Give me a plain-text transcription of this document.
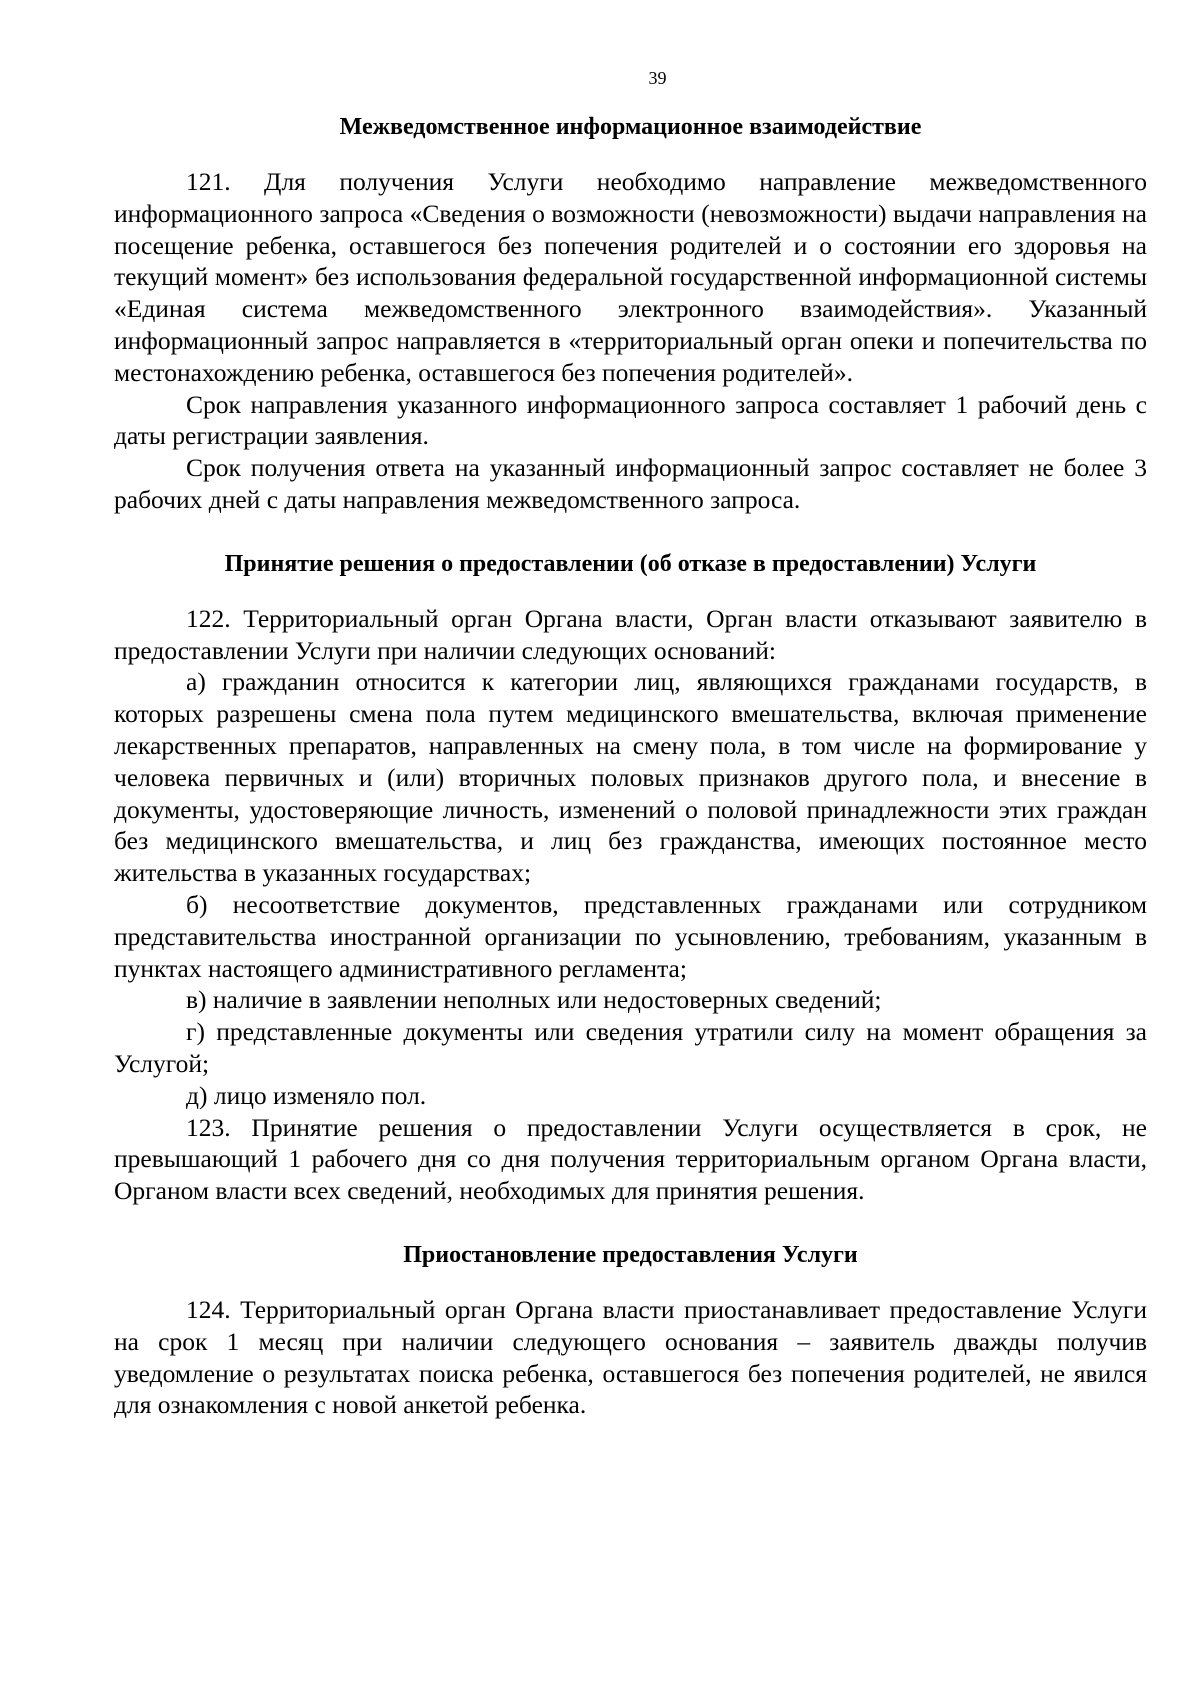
39
Межведомственное информационное взаимодействие

121. Для получения Услуги необходимо направление межведомственного информационного запроса «Сведения о возможности (невозможности) выдачи направления на посещение ребенка, оставшегося без попечения родителей и о состоянии его здоровья на текущий момент» без использования федеральной государственной информационной системы «Единая система межведомственного электронного взаимодействия». Указанный информационный запрос направляется в «территориальный орган опеки и попечительства по местонахождению ребенка, оставшегося без попечения родителей».

Срок направления указанного информационного запроса составляет 1 рабочий день с даты регистрации заявления.

Срок получения ответа на указанный информационный запрос составляет не более 3 рабочих дней с даты направления межведомственного запроса.

Принятие решения о предоставлении (об отказе в предоставлении) Услуги

122. Территориальный орган Органа власти, Орган власти отказывают заявителю в предоставлении Услуги при наличии следующих оснований:

а) гражданин относится к категории лиц, являющихся гражданами государств, в которых разрешены смена пола путем медицинского вмешательства, включая применение лекарственных препаратов, направленных на смену пола, в том числе на формирование у человека первичных и (или) вторичных половых признаков другого пола, и внесение в документы, удостоверяющие личность, изменений о половой принадлежности этих граждан без медицинского вмешательства, и лиц без гражданства, имеющих постоянное место жительства в указанных государствах;

б) несоответствие документов, представленных гражданами или сотрудником представительства иностранной организации по усыновлению, требованиям, указанным в пунктах настоящего административного регламента;

в) наличие в заявлении неполных или недостоверных сведений;

г) представленные документы или сведения утратили силу на момент обращения за Услугой;

д) лицо изменяло пол.

123. Принятие решения о предоставлении Услуги осуществляется в срок, не превышающий 1 рабочего дня со дня получения территориальным органом Органа власти, Органом власти всех сведений, необходимых для принятия решения.

Приостановление предоставления Услуги

124. Территориальный орган Органа власти приостанавливает предоставление Услуги на срок 1 месяц при наличии следующего основания – заявитель дважды получив уведомление о результатах поиска ребенка, оставшегося без попечения родителей, не явился для ознакомления с новой анкетой ребенка.
